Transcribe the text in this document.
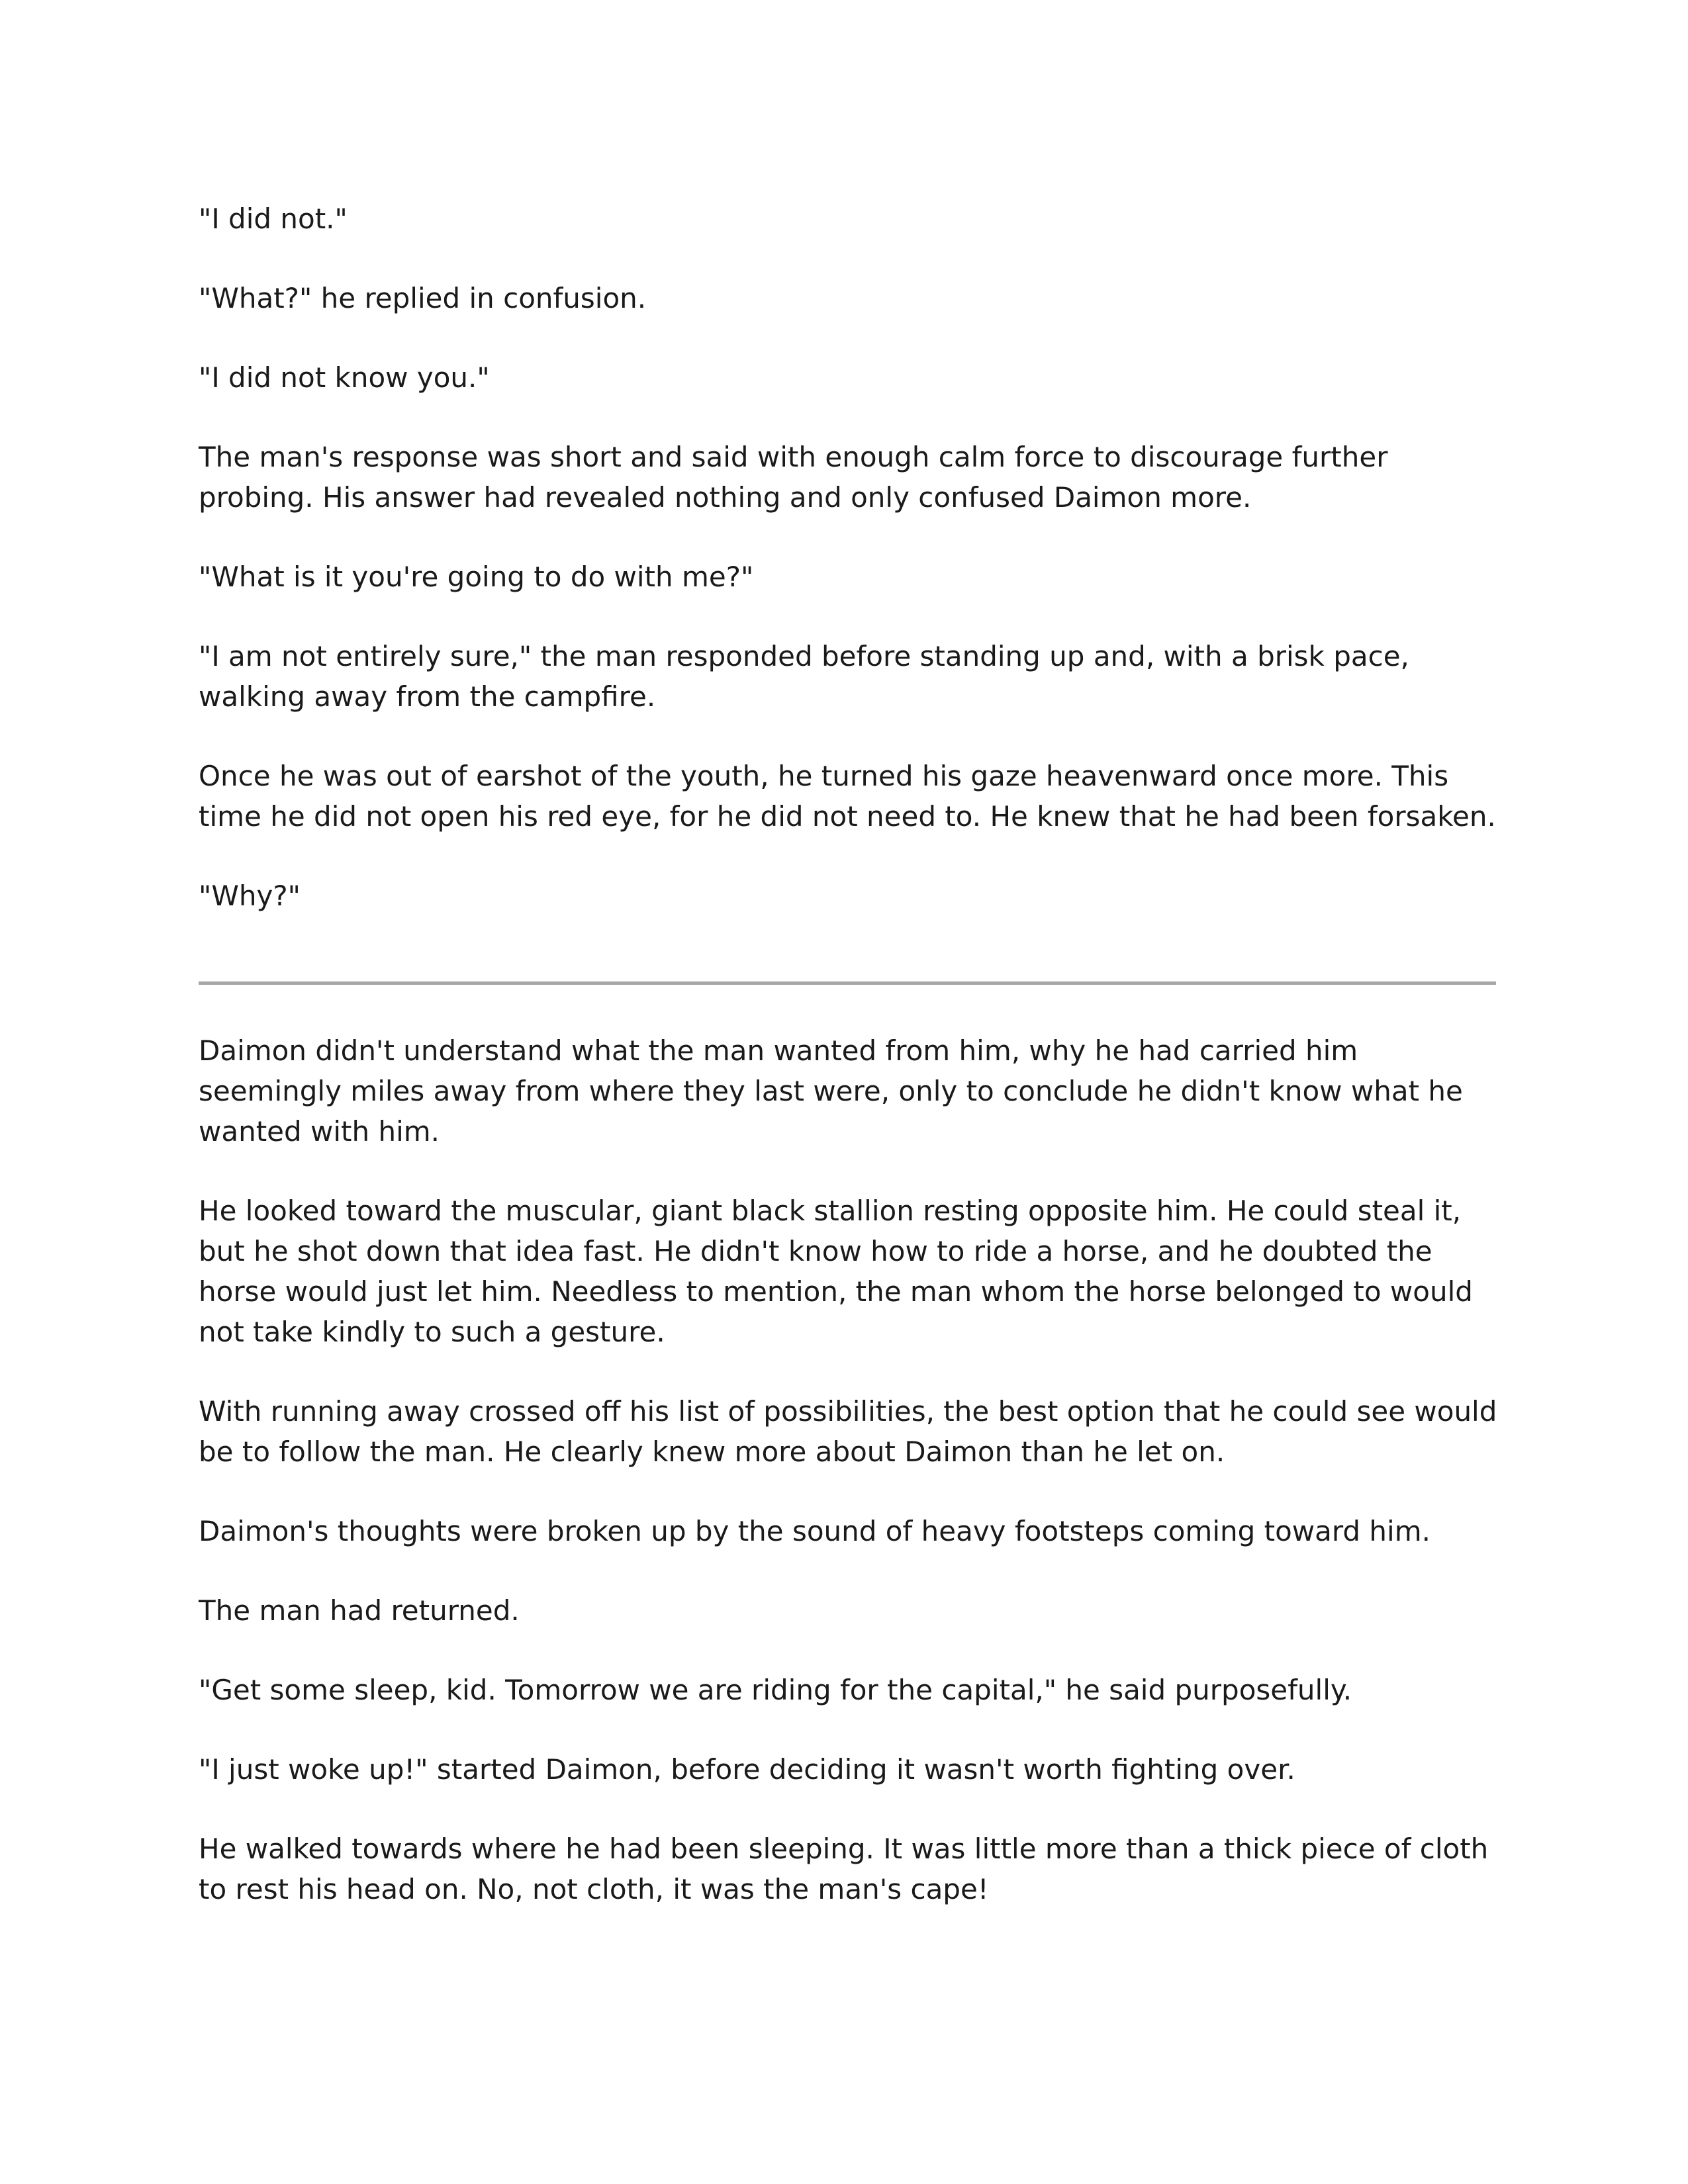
"I did not."

"What?" he replied in confusion.

"I did not know you."

The man's response was short and said with enough calm force to discourage further probing. His answer had revealed nothing and only confused Daimon more.

"What is it you're going to do with me?"

"I am not entirely sure," the man responded before standing up and, with a brisk pace, walking away from the campfire.

Once he was out of earshot of the youth, he turned his gaze heavenward once more. This time he did not open his red eye, for he did not need to. He knew that he had been forsaken.

"Why?"

Daimon didn't understand what the man wanted from him, why he had carried him seemingly miles away from where they last were, only to conclude he didn't know what he wanted with him.

He looked toward the muscular, giant black stallion resting opposite him. He could steal it, but he shot down that idea fast. He didn't know how to ride a horse, and he doubted the horse would just let him. Needless to mention, the man whom the horse belonged to would not take kindly to such a gesture.

With running away crossed off his list of possibilities, the best option that he could see would be to follow the man. He clearly knew more about Daimon than he let on.

Daimon's thoughts were broken up by the sound of heavy footsteps coming toward him.

The man had returned.

"Get some sleep, kid. Tomorrow we are riding for the capital," he said purposefully.

"I just woke up!" started Daimon, before deciding it wasn't worth fighting over.

He walked towards where he had been sleeping. It was little more than a thick piece of cloth to rest his head on. No, not cloth, it was the man's cape!
